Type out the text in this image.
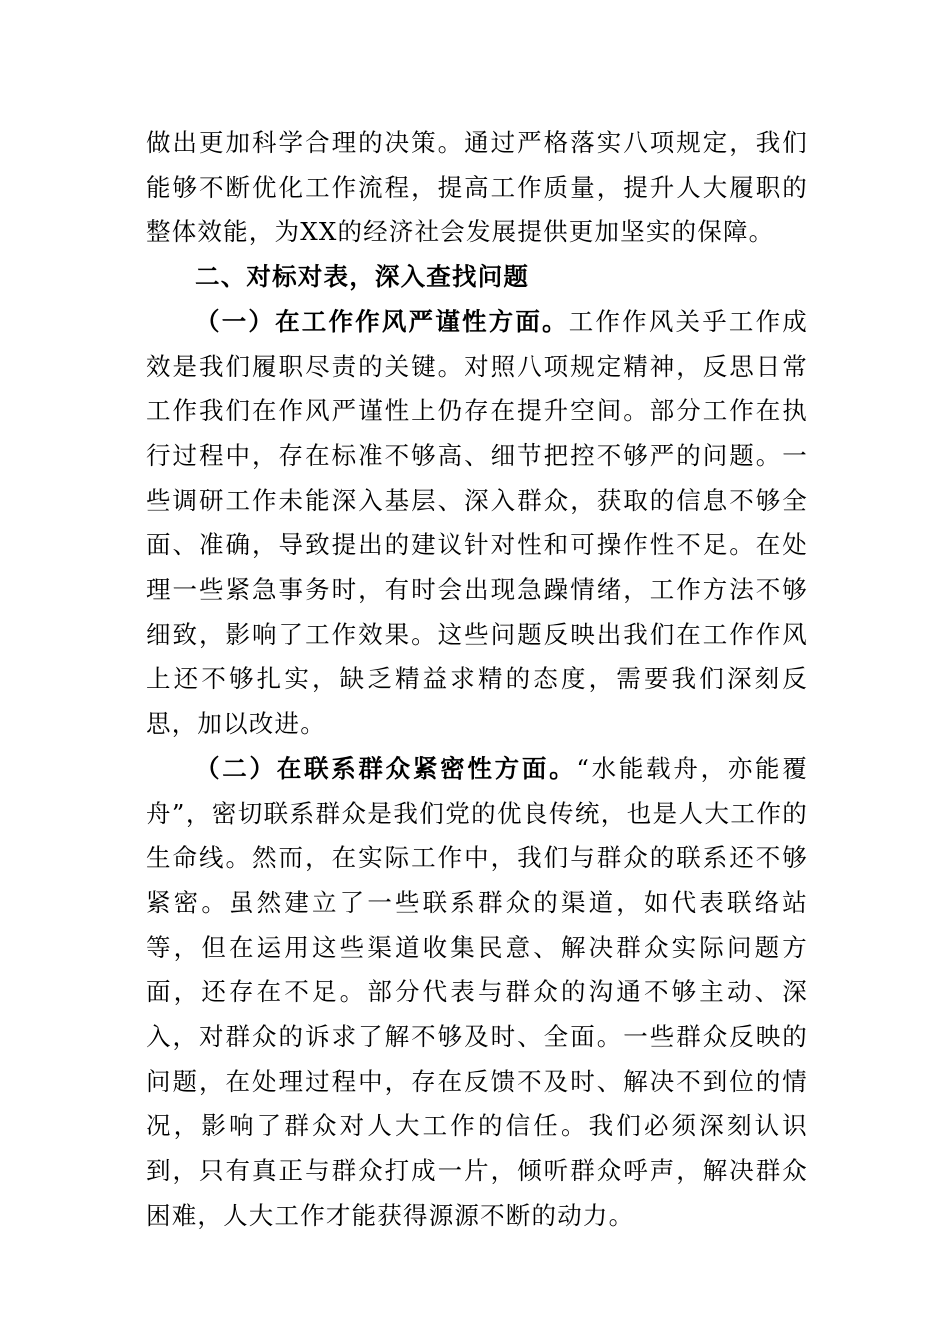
做出更加科学合理的决策。通过严格落实八项规定，我们能够不断优化工作流程，提高工作质量，提升人大履职的整体效能，为XX的经济社会发展提供更加坚实的保障。

二、对标对表，深入查找问题

（一）在工作作风严谨性方面。工作作风关乎工作成效是我们履职尽责的关键。对照八项规定精神，反思日常工作我们在作风严谨性上仍存在提升空间。部分工作在执行过程中，存在标准不够高、细节把控不够严的问题。一些调研工作未能深入基层、深入群众，获取的信息不够全面、准确，导致提出的建议针对性和可操作性不足。在处理一些紧急事务时，有时会出现急躁情绪，工作方法不够细致，影响了工作效果。这些问题反映出我们在工作作风上还不够扎实，缺乏精益求精的态度，需要我们深刻反思，加以改进。

（二）在联系群众紧密性方面。“水能载舟，亦能覆舟”，密切联系群众是我们党的优良传统，也是人大工作的生命线。然而，在实际工作中，我们与群众的联系还不够紧密。虽然建立了一些联系群众的渠道，如代表联络站等，但在运用这些渠道收集民意、解决群众实际问题方面，还存在不足。部分代表与群众的沟通不够主动、深入，对群众的诉求了解不够及时、全面。一些群众反映的问题，在处理过程中，存在反馈不及时、解决不到位的情况，影响了群众对人大工作的信任。我们必须深刻认识到，只有真正与群众打成一片，倾听群众呼声，解决群众困难，人大工作才能获得源源不断的动力。
